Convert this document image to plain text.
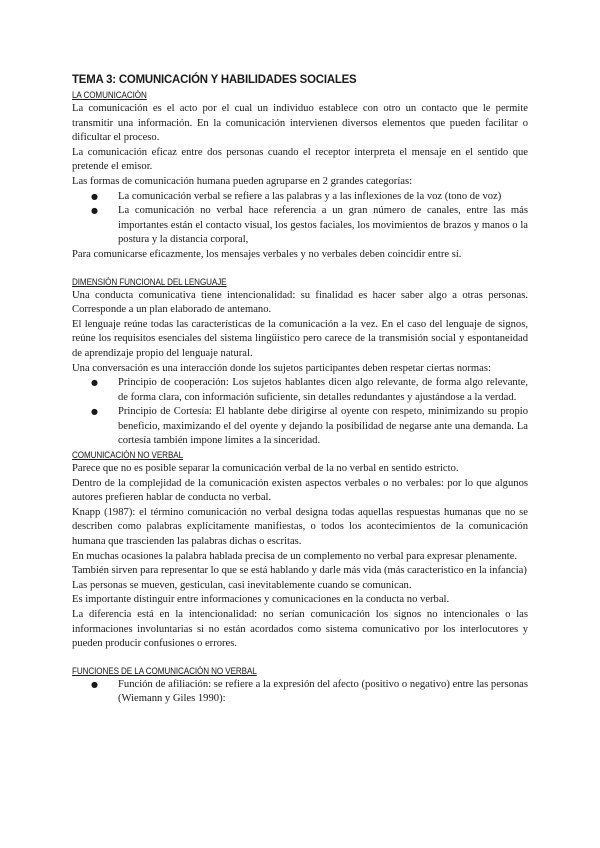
TEMA 3: COMUNICACIÓN Y HABILIDADES SOCIALES
LA COMUNICACIÓN

La comunicación es el acto por el cual un individuo establece con otro un contacto que le permite transmitir una información. En la comunicación intervienen diversos elementos que pueden facilitar o dificultar el proceso.

La comunicación eficaz entre dos personas cuando el receptor interpreta el mensaje en el sentido que pretende el emisor.

Las formas de comunicación humana pueden agruparse en 2 grandes categorías:

● La comunicación verbal se refiere a las palabras y a las inflexiones de la voz (tono de voz)
● La comunicación no verbal hace referencia a un gran número de canales, entre las más importantes están el contacto visual, los gestos faciales, los movimientos de brazos y manos o la postura y la distancia corporal,

Para comunicarse eficazmente, los mensajes verbales y no verbales deben coincidir entre sí.

DIMENSIÓN FUNCIONAL DEL LENGUAJE

Una conducta comunicativa tiene intencionalidad: su finalidad es hacer saber algo a otras personas. Corresponde a un plan elaborado de antemano.

El lenguaje reúne todas las características de la comunicación a la vez. En el caso del lenguaje de signos, reúne los requisitos esenciales del sistema lingüístico pero carece de la transmisión social y espontaneidad de aprendizaje propio del lenguaje natural.

Una conversación es una interacción donde los sujetos participantes deben respetar ciertas normas:

● Principio de cooperación: Los sujetos hablantes dicen algo relevante, de forma algo relevante, de forma clara, con información suficiente, sin detalles redundantes y ajustándose a la verdad.
● Principio de Cortesía: El hablante debe dirigirse al oyente con respeto, minimizando su propio beneficio, maximizando el del oyente y dejando la posibilidad de negarse ante una demanda. La cortesía también impone límites a la sinceridad.
COMUNICACIÓN NO VERBAL

Parece que no es posible separar la comunicación verbal de la no verbal en sentido estricto.

Dentro de la complejidad de la comunicación existen aspectos verbales o no verbales: por lo que algunos autores prefieren hablar de conducta no verbal.

Knapp (1987): el término comunicación no verbal designa todas aquellas respuestas humanas que no se describen como palabras explícitamente manifiestas, o todos los acontecimientos de la comunicación humana que trascienden las palabras dichas o escritas.

En muchas ocasiones la palabra hablada precisa de un complemento no verbal para expresar plenamente.

También sirven para representar lo que se está hablando y darle más vida (más característico en la infancia)

Las personas se mueven, gesticulan, casi inevitablemente cuando se comunican.

Es importante distinguir entre informaciones y comunicaciones en la conducta no verbal.

La diferencia está en la intencionalidad: no serían comunicación los signos no intencionales o las informaciones involuntarias si no están acordados como sistema comunicativo por los interlocutores y pueden producir confusiones o errores.

FUNCIONES DE LA COMUNICACIÓN NO VERBAL
● Función de afiliación: se refiere a la expresión del afecto (positivo o negativo) entre las personas (Wiemann y Giles 1990):
